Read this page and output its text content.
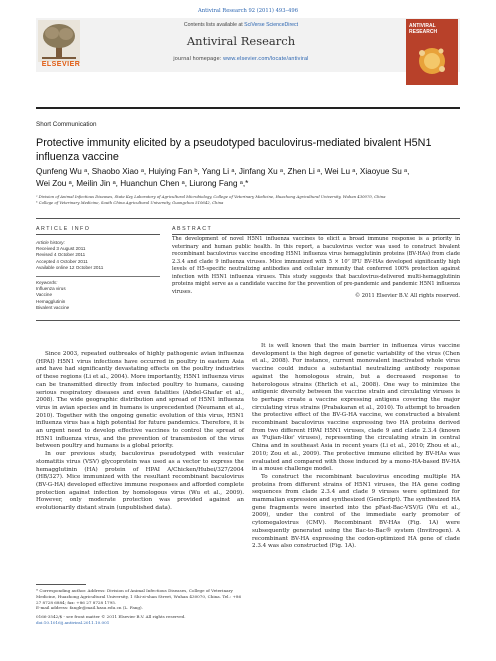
Antiviral Research 92 (2011) 493–496
ELSEVIER
Contents lists available at SciVerse ScienceDirect
Antiviral Research
journal homepage: www.elsevier.com/locate/antiviral
ANTIVIRAL RESEARCH
Short Communication
Protective immunity elicited by a pseudotyped baculovirus-mediated bivalent H5N1 influenza vaccine
Qunfeng Wu ᵃ, Shaobo Xiao ᵃ, Huiying Fan ᵇ, Yang Li ᵃ, Jinfang Xu ᵃ, Zhen Li ᵃ, Wei Lu ᵃ, Xiaoyue Su ᵃ,
Wei Zou ᵃ, Meilin Jin ᵃ, Huanchun Chen ᵃ, Liurong Fang ᵃ,*
ᵃ Division of Animal Infectious Diseases, State Key Laboratory of Agricultural Microbiology, College of Veterinary Medicine, Huazhong Agricultural University, Wuhan 430070, China
ᵇ College of Veterinary Medicine, South China Agricultural University, Guangzhou 510642, China
ARTICLE INFO	ABSTRACT
Article history:
Received 3 August 2011
Revised 4 October 2011
Accepted 4 October 2011
Available online 12 October 2011
Keywords:
Influenza virus
Vaccine
Hemagglutinin
Bivalent vaccine
The development of novel H5N1 influenza vaccines to elicit a broad immune response is a priority in veterinary and human public health. In this report, a baculovirus vector was used to construct bivalent recombinant baculovirus vaccine encoding H5N1 influenza virus hemagglutinin proteins (BV-HAs) from clade 2.3.4 and clade 9 influenza viruses. Mice immunized with 5 × 10⁷ IFU BV-HAs developed significantly high levels of H5-specific neutralizing antibodies and cellular immunity that conferred 100% protection against infection with H5N1 influenza viruses. This study suggests that baculovirus-delivered multi-hemagglutinin proteins might serve as a candidate vaccine for the prevention of pre-pandemic and pandemic H5N1 influenza viruses.
© 2011 Elsevier B.V. All rights reserved.

Since 2003, repeated outbreaks of highly pathogenic avian influenza (HPAI) H5N1 virus infections have occurred in poultry in eastern Asia and have had significantly devastating effects on the poultry industries of these regions (Li et al., 2004). More importantly, H5N1 influenza virus can be transmitted directly from infected poultry to humans, causing serious respiratory diseases and even fatalities (Abdel-Ghafar et al., 2008). The wide geographic distribution and spread of H5N1 influenza virus in avian species and in humans is unprecedented (Neumann et al., 2010). Together with the ongoing genetic evolution of this virus, H5N1 influenza virus has a high potential for future pandemics. Therefore, it is an urgent need to develop effective vaccines to control the spread of H5N1 influenza virus, and the prevention of transmission of the virus between poultry and humans is a global priority.

In our previous study, baculovirus pseudotyped with vesicular stomatitis virus (VSV) glycoprotein was used as a vector to express the hemagglutinin (HA) protein of HPAI A/Chicken/Hubei/327/2004 (HB/327). Mice immunized with the resultant recombinant baculovirus (BV-G-HA) developed effective immune responses and afforded complete protection against infection by homologous virus (Wu et al., 2009). However, only moderate protection was provided against an evolutionarily distant strain (unpublished data).

It is well known that the main barrier in influenza virus vaccine development is the high degree of genetic variability of the virus (Chen et al., 2008). For instance, current monovalent inactivated whole virus vaccine could induce a substantial neutralizing antibody response against the homologous strain, but a decreased response to heterologous strains (Ehrlich et al., 2008). One way to minimize the antigenic diversity between the vaccine strain and circulating viruses is to perhaps create a vaccine expressing antigens covering the major circulating virus strains (Prabakaran et al., 2010). To attempt to broaden the protective effect of the BV-G-HA vaccine, we constructed a bivalent recombinant baculovirus vaccine expressing two HA proteins derived from two different HPAI H5N1 viruses, clade 9 and clade 2.3.4 (known as 'Fujian-like' viruses), representing the circulating strain in central China and in southeast Asia in recent years (Li et al., 2010; Zhou et al., 2010; Zou et al., 2009). The protective immune elicited by BV-HAs was evaluated and compared with those induced by a mono-HA-based BV-HA in a mouse challenge model.

To construct the recombinant baculovirus encoding multiple HA proteins from different strains of H5N1 viruses, the HA gene coding sequences from clade 2.3.4 and clade 9 viruses were optimized for mammalian expression and synthesized (GenScript). The synthesized HA gene fragments were inserted into the pFast-Bac-VSV/G (Wu et al., 2009), under the control of the immediate early promoter of cytomegalovirus (CMV). Recombinant BV-HAs (Fig. 1A) were subsequently generated using the Bac-to-Bac® system (Invitrogen). A recombinant BV-HA expressing the codon-optimized HA gene of clade 2.3.4 was also constructed (Fig. 1A).

* Corresponding author. Address: Division of Animal Infectious Diseases, College of Veterinary Medicine, Huazhong Agricultural University, 1 Shi-zi-shan Street, Wuhan 430070, China. Tel.: +86 27 8728 6884; fax: +86 27 8728 1795.
E-mail address: fanglr@mail.hzau.edu.cn (L. Fang).
0166-3542/$ - see front matter © 2011 Elsevier B.V. All rights reserved.
doi:10.1016/j.antiviral.2011.10.001
